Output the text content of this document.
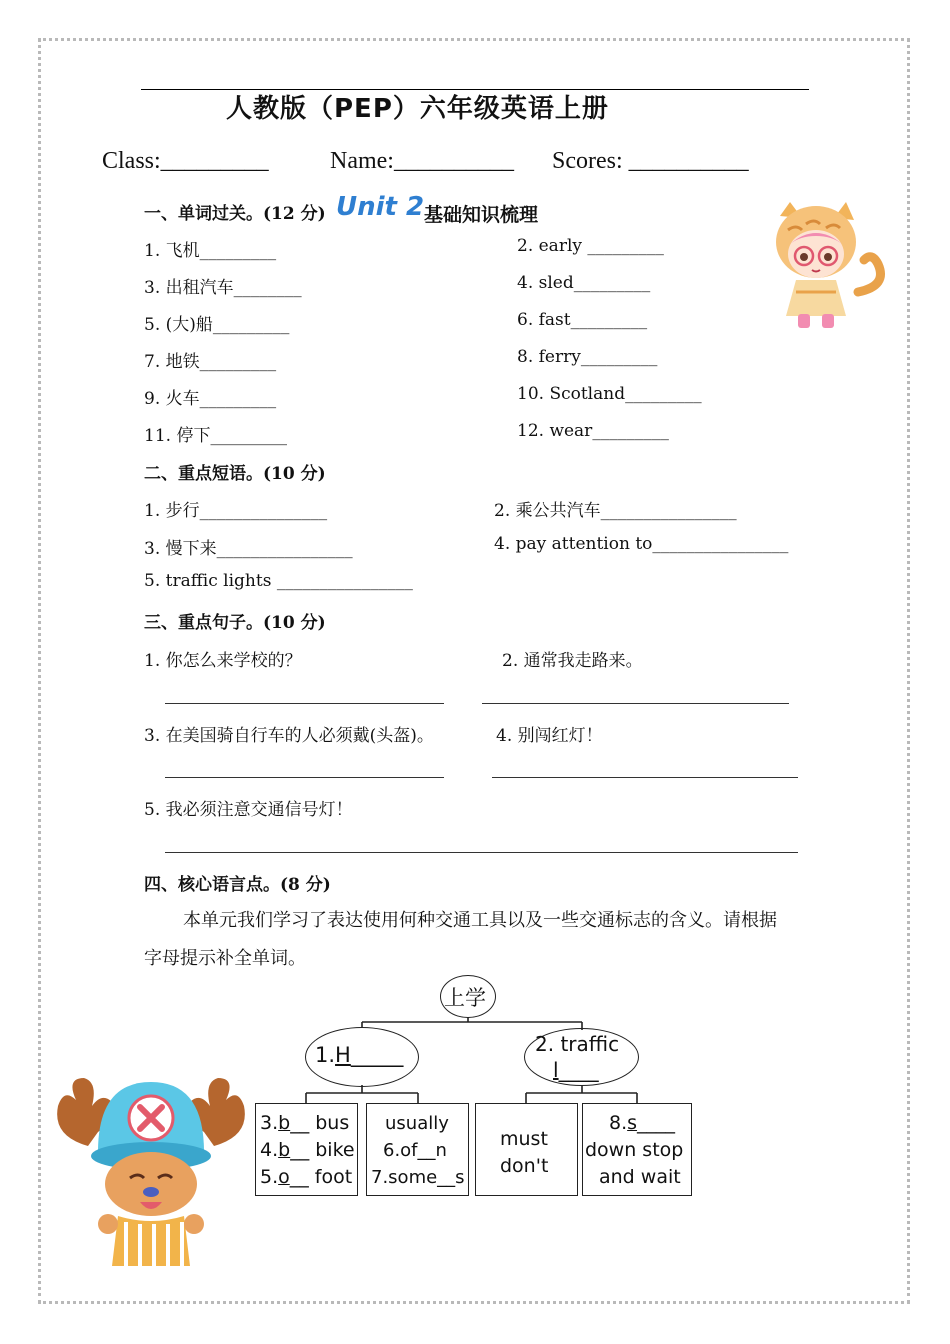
人教版（PEP）六年级英语上册
Class:_________	Name:__________ Scores: __________
一、单词过关。(12 分) Unit 2 基础知识梳理
1. 飞机_________
3. 出租汽车________
5. (大)船_________
7. 地铁_________
9. 火车_________
11. 停下_________
2. early _________
4. sled_________
6. fast_________
8. ferry_________
10. Scotland_________
12. wear_________
二、重点短语。(10 分)
1. 步行_______________	2. 乘公共汽车________________
3. 慢下来________________	4. pay attention to________________
5. traffic lights ________________
三、重点句子。(10 分)
1. 你怎么来学校的？	2. 通常我走路来。
3. 在美国骑自行车的人必须戴(头盔)。	4. 别闯红灯！
5. 我必须注意交通信号灯！
四、核心语言点。(8 分)
本单元我们学习了表达使用何种交通工具以及一些交通标志的含义。请根据
字母提示补全单词。
上学
1.H_____	2. traffic
l____
3.b__ bus
4.b__ bike
5.o__ foot
usually
6.of__n
7.some__s
must
don't
8.s____
down stop
and wait
